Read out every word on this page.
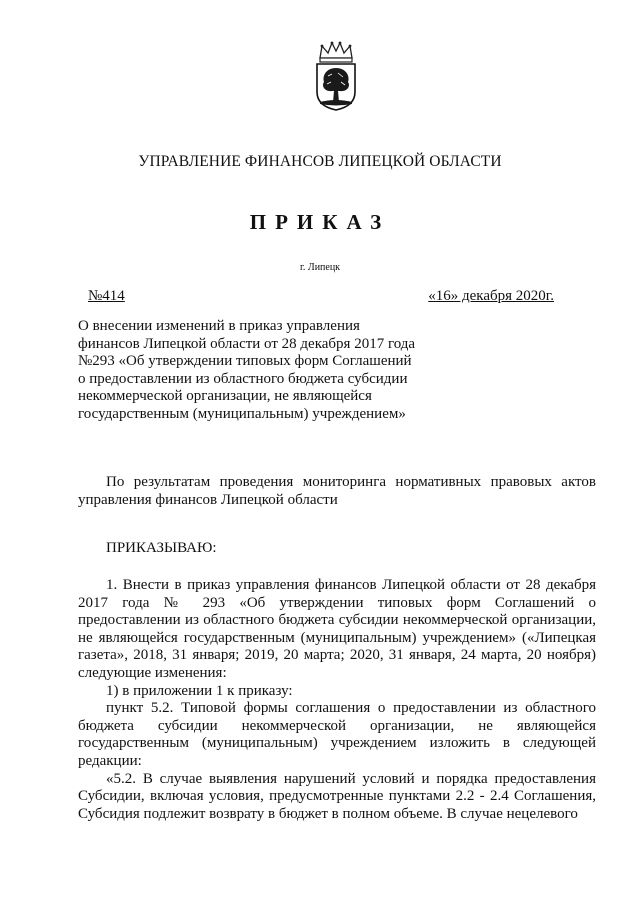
УПРАВЛЕНИЕ ФИНАНСОВ ЛИПЕЦКОЙ ОБЛАСТИ
ПРИКАЗ
г. Липецк
№414	«16» декабря 2020г.
О внесении изменений в приказ управления
финансов Липецкой области от 28 декабря 2017 года
№293 «Об утверждении типовых форм Соглашений
о предоставлении из областного бюджета субсидии
некоммерческой организации, не являющейся
государственным (муниципальным) учреждением»
По результатам проведения мониторинга нормативных правовых актов управления финансов Липецкой области
ПРИКАЗЫВАЮ:

1. Внести в приказ управления финансов Липецкой области от 28 декабря 2017 года № 293 «Об утверждении типовых форм Соглашений о предоставлении из областного бюджета субсидии некоммерческой организации, не являющейся государственным (муниципальным) учреждением» («Липецкая газета», 2018, 31 января; 2019, 20 марта; 2020, 31 января, 24 марта, 20 ноября) следующие изменения:

1) в приложении 1 к приказу:

пункт 5.2. Типовой формы соглашения о предоставлении из областного бюджета субсидии некоммерческой организации, не являющейся государственным (муниципальным) учреждением изложить в следующей редакции:

«5.2. В случае выявления нарушений условий и порядка предоставления Субсидии, включая условия, предусмотренные пунктами 2.2 - 2.4 Соглашения, Субсидия подлежит возврату в бюджет в полном объеме. В случае нецелевого
